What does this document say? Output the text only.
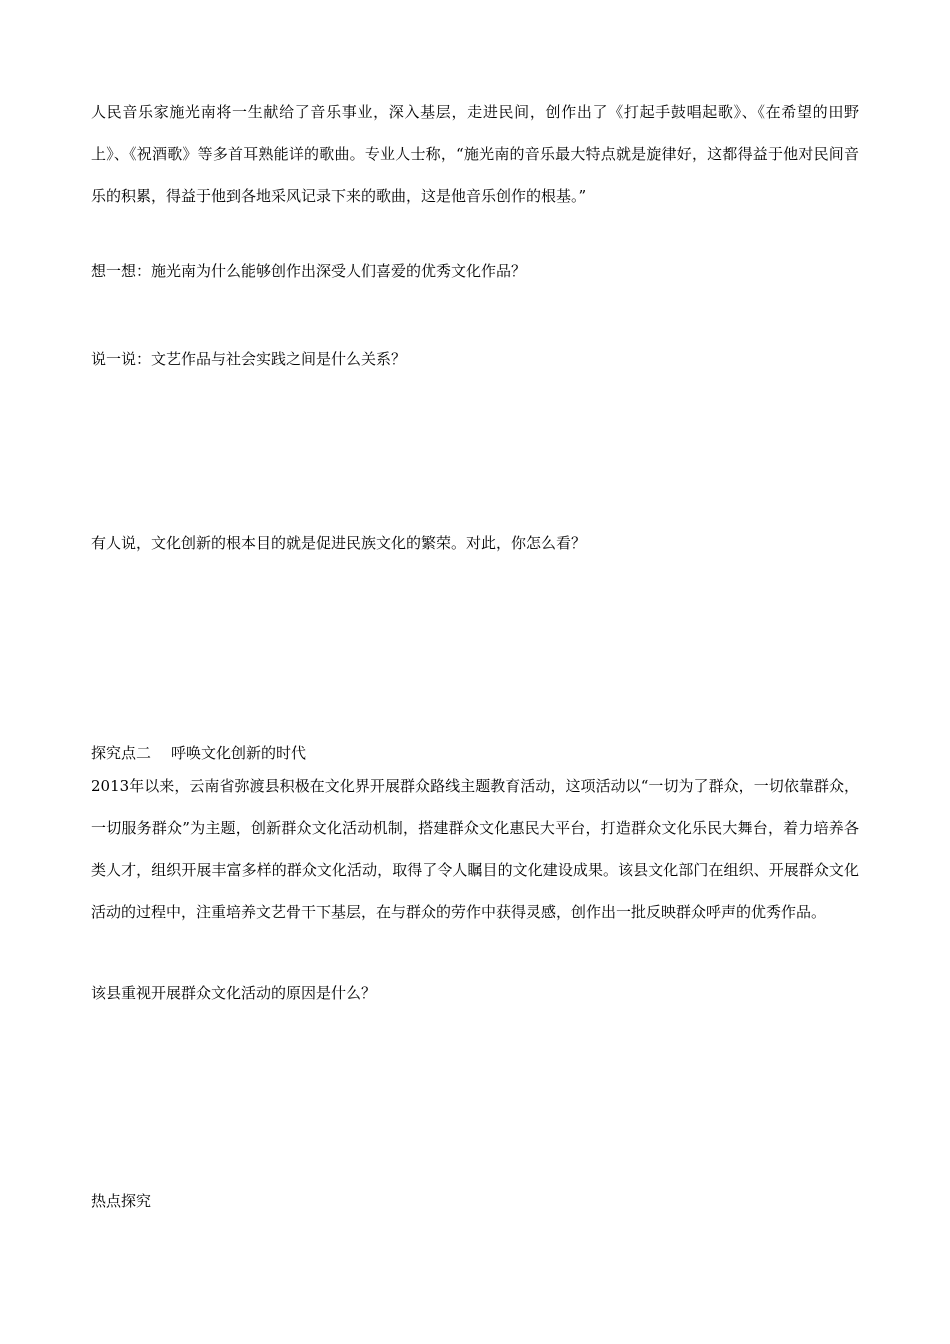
人民音乐家施光南将一生献给了音乐事业，深入基层，走进民间，创作出了《打起手鼓唱起歌》、《在希望的田野上》、《祝酒歌》等多首耳熟能详的歌曲。专业人士称，“施光南的音乐最大特点就是旋律好，这都得益于他对民间音乐的积累，得益于他到各地采风记录下来的歌曲，这是他音乐创作的根基。”

想一想：施光南为什么能够创作出深受人们喜爱的优秀文化作品？

说一说：文艺作品与社会实践之间是什么关系？

有人说，文化创新的根本目的就是促进民族文化的繁荣。对此，你怎么看？

探究点二 呼唤文化创新的时代

2013年以来，云南省弥渡县积极在文化界开展群众路线主题教育活动，这项活动以“一切为了群众，一切依靠群众，一切服务群众”为主题，创新群众文化活动机制，搭建群众文化惠民大平台，打造群众文化乐民大舞台，着力培养各类人才，组织开展丰富多样的群众文化活动，取得了令人瞩目的文化建设成果。该县文化部门在组织、开展群众文化活动的过程中，注重培养文艺骨干下基层，在与群众的劳作中获得灵感，创作出一批反映群众呼声的优秀作品。

该县重视开展群众文化活动的原因是什么？

热点探究
